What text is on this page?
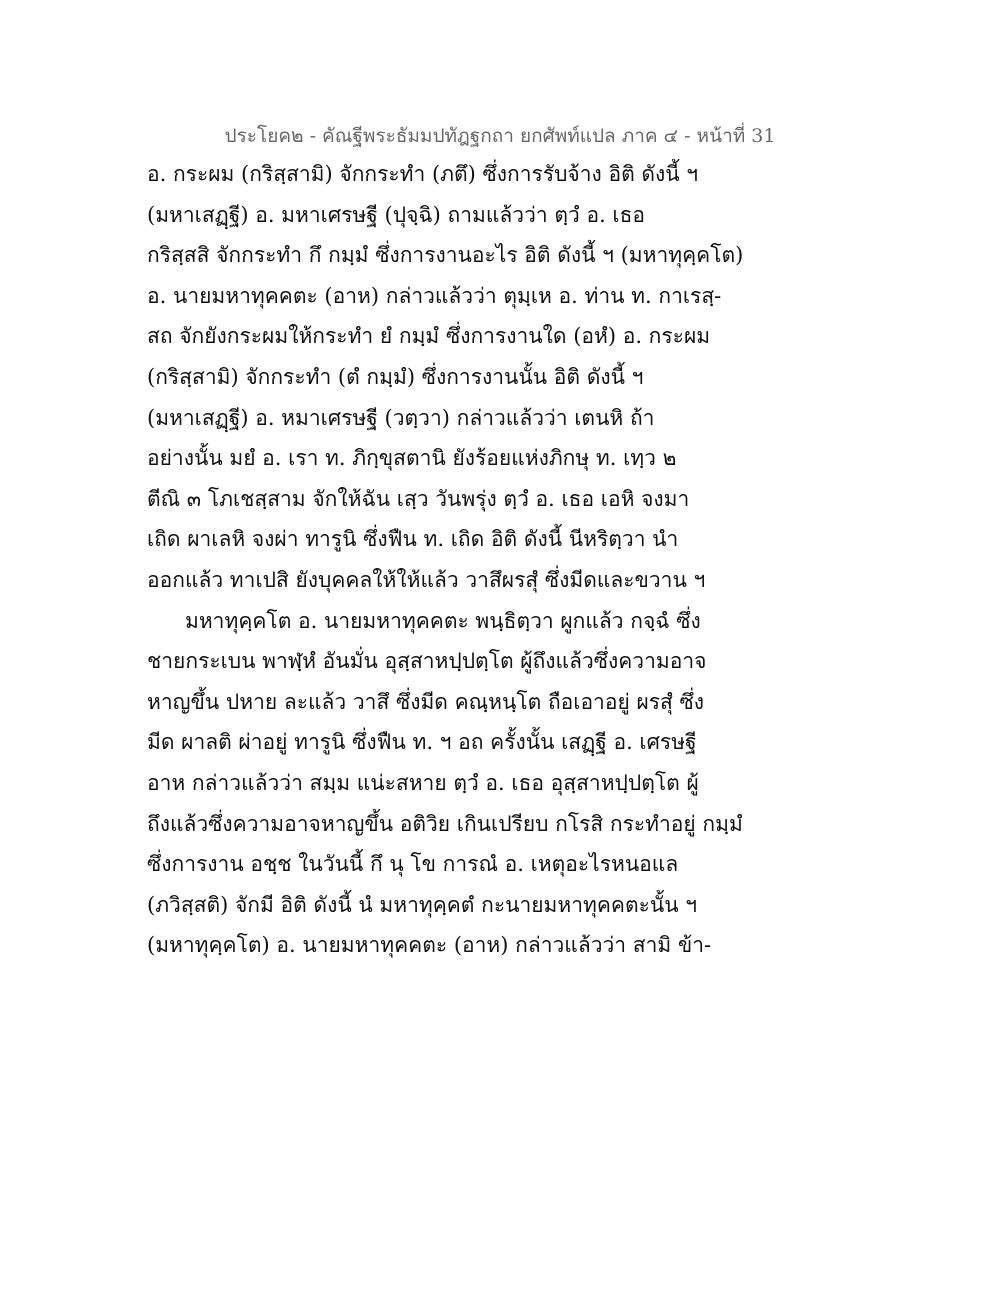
ประโยค๒ - คัณฐีพระธัมมปทัฎฐกถา ยกศัพท์แปล ภาค ๔ - หน้าที่ 31
อ. กระผม (กริสฺสามิ) จักกระทำ (ภตึ) ซึ่งการรับจ้าง อิติ ดังนี้ ฯ
(มหาเสฏฺฐี) อ. มหาเศรษฐี (ปุจฺฉิ) ถามแล้วว่า ตฺวํ อ. เธอ
กริสฺสสิ จักกระทำ กึ กมฺมํ ซึ่งการงานอะไร อิติ ดังนี้ ฯ (มหาทุคฺคโต)
อ. นายมหาทุคคตะ (อาห) กล่าวแล้วว่า ตุมฺเห อ. ท่าน ท. กาเรสฺ-
สถ จักยังกระผมให้กระทำ ยํ กมฺมํ ซึ่งการงานใด (อหํ) อ. กระผม
(กริสฺสามิ) จักกระทำ (ตํ กมฺมํ) ซึ่งการงานนั้น อิติ ดังนี้ ฯ
(มหาเสฏฺฐี) อ. หมาเศรษฐี (วตฺวา) กล่าวแล้วว่า เตนหิ ถ้า
อย่างนั้น มยํ อ. เรา ท. ภิกฺขุสตานิ ยังร้อยแห่งภิกษุ ท. เทฺว ๒
ตีณิ ๓ โภเชสฺสาม จักให้ฉัน เสฺว วันพรุ่ง ตฺวํ อ. เธอ เอหิ จงมา
เถิด ผาเลหิ จงผ่า ทารูนิ ซึ่งฟืน ท. เถิด อิติ ดังนี้ นีหริตฺวา นำ
ออกแล้ว ทาเปสิ ยังบุคคลให้ให้แล้ว วาสึผรสุํ ซึ่งมีดและขวาน ฯ
มหาทุคฺคโต อ. นายมหาทุคคตะ พนฺธิตฺวา ผูกแล้ว กจฺฉํ ซึ่ง
ชายกระเบน พาฬฺหํ อันมั่น อุสฺสาหปฺปตฺโต ผู้ถึงแล้วซึ่งความอาจ
หาญขึ้น ปหาย ละแล้ว วาสึ ซึ่งมีด คณฺหนฺโต ถือเอาอยู่ ผรสุํ ซึ่ง
มีด ผาลติ ผ่าอยู่ ทารูนิ ซึ่งฟืน ท. ฯ อถ ครั้งนั้น เสฏฺฐี อ. เศรษฐี
อาห กล่าวแล้วว่า สมฺม แน่ะสหาย ตฺวํ อ. เธอ อุสฺสาหปฺปตฺโต ผู้
ถึงแล้วซึ่งความอาจหาญขึ้น อติวิย เกินเปรียบ กโรสิ กระทำอยู่ กมฺมํ
ซึ่งการงาน อชฺช ในวันนี้ กึ นุ โข การณํ อ. เหตุอะไรหนอแล
(ภวิสฺสติ) จักมี อิติ ดังนี้ นํ มหาทุคฺคตํ กะนายมหาทุคคตะนั้น ฯ
(มหาทุคฺคโต) อ. นายมหาทุคคตะ (อาห) กล่าวแล้วว่า สามิ ข้า-
